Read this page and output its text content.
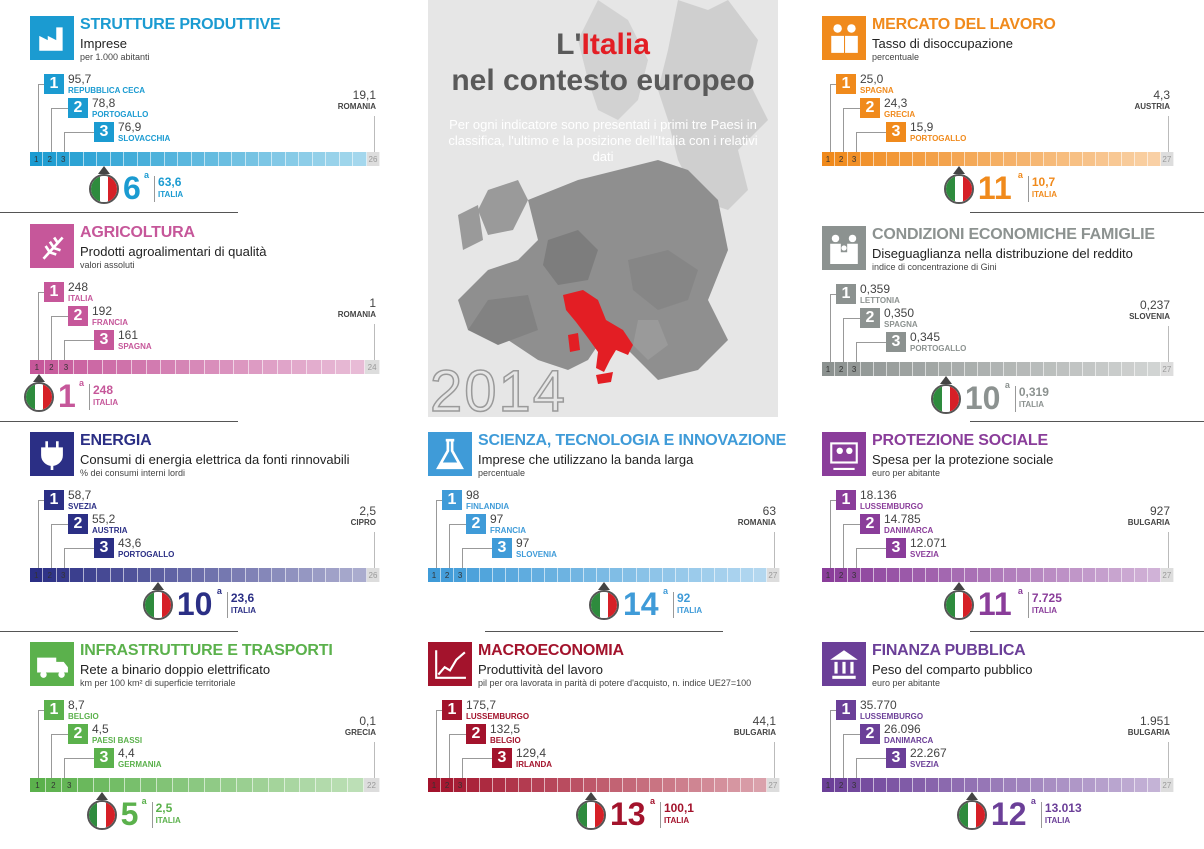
L'Italia
nel contesto europeo
Per ogni indicatore sono presentati i primi tre Paesi in classifica, l'ultimo e la posizione dell'Italia con i relativi dati
2014
STRUTTURE PRODUTTIVE
Imprese
per 1.000 abitanti
1 95,7
REPUBBLICA CECA
2 78,8
PORTOGALLO
3 76,9
SLOVACCHIA
19,1
ROMANIA
1	2	3	26
6 a 63,6
ITALIA
AGRICOLTURA
Prodotti agroalimentari di qualità
valori assoluti
1 248
ITALIA
2 192
FRANCIA
3 161
SPAGNA
1
ROMANIA
1	2	3	24
1 a 248
ITALIA
ENERGIA
Consumi di energia elettrica da fonti rinnovabili
% dei consumi interni lordi
1 58,7
SVEZIA
2 55,2
AUSTRIA
3 43,6
PORTOGALLO
2,5
CIPRO
1	2	3	26
10 a 23,6
ITALIA
INFRASTRUTTURE E TRASPORTI
Rete a binario doppio elettrificato
km per 100 km² di superficie territoriale
1 8,7
BELGIO
2 4,5
PAESI BASSI
3 4,4
GERMANIA
0,1
GRECIA
1	2	3	22
5 a 2,5
ITALIA
MERCATO DEL LAVORO
Tasso di disoccupazione
percentuale
1 25,0
SPAGNA
2 24,3
GRECIA
3 15,9
PORTOGALLO
4,3
AUSTRIA
1	2	3	27
11 a 10,7
ITALIA
CONDIZIONI ECONOMICHE FAMIGLIE
Diseguaglianza nella distribuzione del reddito
indice di concentrazione di Gini
1 0,359
LETTONIA
2 0,350
SPAGNA
3 0,345
PORTOGALLO
0,237
SLOVENIA
1	2	3	27
10 a 0,319
ITALIA
SCIENZA, TECNOLOGIA E INNOVAZIONE
Imprese che utilizzano la banda larga
percentuale
1 98
FINLANDIA
2 97
FRANCIA
3 97
SLOVENIA
63
ROMANIA
1	2	3	27
14 a 92
ITALIA
PROTEZIONE SOCIALE
Spesa per la protezione sociale
euro per abitante
1 18.136
LUSSEMBURGO
2 14.785
DANIMARCA
3 12.071
SVEZIA
927
BULGARIA
1	2	3	27
11 a 7.725
ITALIA
MACROECONOMIA
Produttività del lavoro
pil per ora lavorata in parità di potere d'acquisto, n. indice UE27=100
1 175,7
LUSSEMBURGO
2 132,5
BELGIO
3 129,4
IRLANDA
44,1
BULGARIA
1	2	3	27
13 a 100,1
ITALIA
FINANZA PUBBLICA
Peso del comparto pubblico
euro per abitante
1 35.770
LUSSEMBURGO
2 26.096
DANIMARCA
3 22.267
SVEZIA
1.951
BULGARIA
1	2	3	27
12 a 13.013
ITALIA
